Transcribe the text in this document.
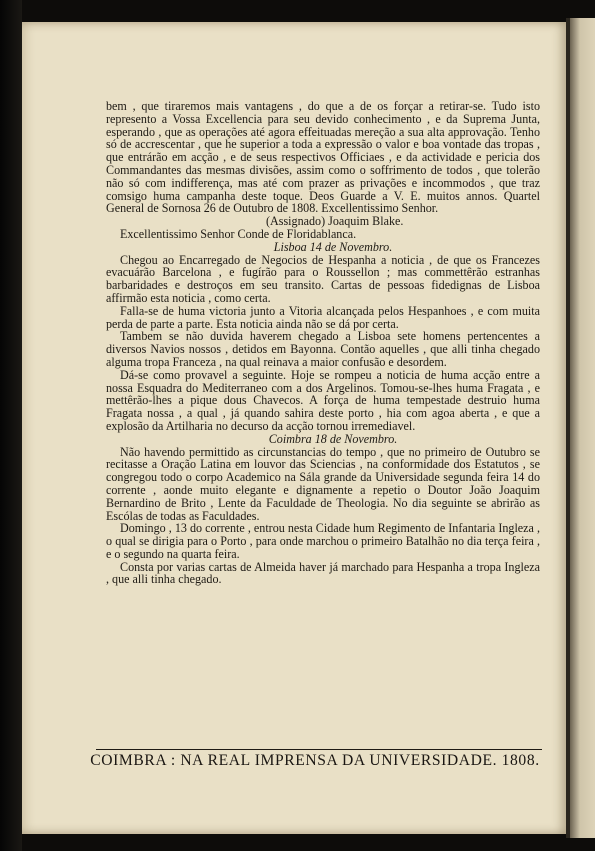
bem , que tiraremos mais vantagens , do que a de os forçar a retirar-se. Tudo isto represento a Vossa Excellencia para seu devido conhecimento , e da Suprema Junta, esperando , que as operações até agora effeituadas mereção a sua alta approvação. Tenho só de accrescentar , que he superior a toda a expressão o valor e boa vontade das tropas , que entrárão em acção , e de seus respectivos Officiaes , e da actividade e pericia dos Commandantes das mesmas divisões, assim como o soffrimento de todos , que tolerão não só com indifferença, mas até com prazer as privações e incommodos , que traz comsigo huma campanha deste toque. Deos Guarde a V. E. muitos annos. Quartel General de Sornosa 26 de Outubro de 1808. Excellentissimo Senhor.

(Assignado) Joaquim Blake.

Excellentissimo Senhor Conde de Floridablanca.

Lisboa 14 de Novembro.

Chegou ao Encarregado de Negocios de Hespanha a noticia , de que os Francezes evacuárão Barcelona , e fugírão para o Roussellon ; mas commettêrão estranhas barbaridades e destroços em seu transito. Cartas de pessoas fidedignas de Lisboa affirmão esta noticia , como certa.

Falla-se de huma victoria junto a Vitoria alcançada pelos Hespanhoes , e com muita perda de parte a parte. Esta noticia ainda não se dá por certa.

Tambem se não duvida haverem chegado a Lisboa sete homens pertencentes a diversos Navios nossos , detidos em Bayonna. Contão aquelles , que alli tinha chegado alguma tropa Franceza , na qual reinava a maior confusão e desordem.

Dá-se como provavel a seguinte. Hoje se rompeu a noticia de huma acção entre a nossa Esquadra do Mediterraneo com a dos Argelinos. Tomou-se-lhes huma Fragata , e mettêrão-lhes a pique dous Chavecos. A força de huma tempestade destruio huma Fragata nossa , a qual , já quando sahira deste porto , hia com agoa aberta , e que a explosão da Artilharia no decurso da acção tornou irremediavel.

Coimbra 18 de Novembro.

Não havendo permittido as circunstancias do tempo , que no primeiro de Outubro se recitasse a Oração Latina em louvor das Sciencias , na conformidade dos Estatutos , se congregou todo o corpo Academico na Sála grande da Universidade segunda feira 14 do corrente , aonde muito elegante e dignamente a repetio o Doutor João Joaquim Bernardino de Brito , Lente da Faculdade de Theologia. No dia seguinte se abrirão as Escólas de todas as Faculdades.

Domingo , 13 do corrente , entrou nesta Cidade hum Regimento de Infantaria Ingleza , o qual se dirigia para o Porto , para onde marchou o primeiro Batalhão no dia terça feira , e o segundo na quarta feira.

Consta por varias cartas de Almeida haver já marchado para Hespanha a tropa Ingleza , que alli tinha chegado.

COIMBRA : NA REAL IMPRENSA DA UNIVERSIDADE. 1808.
